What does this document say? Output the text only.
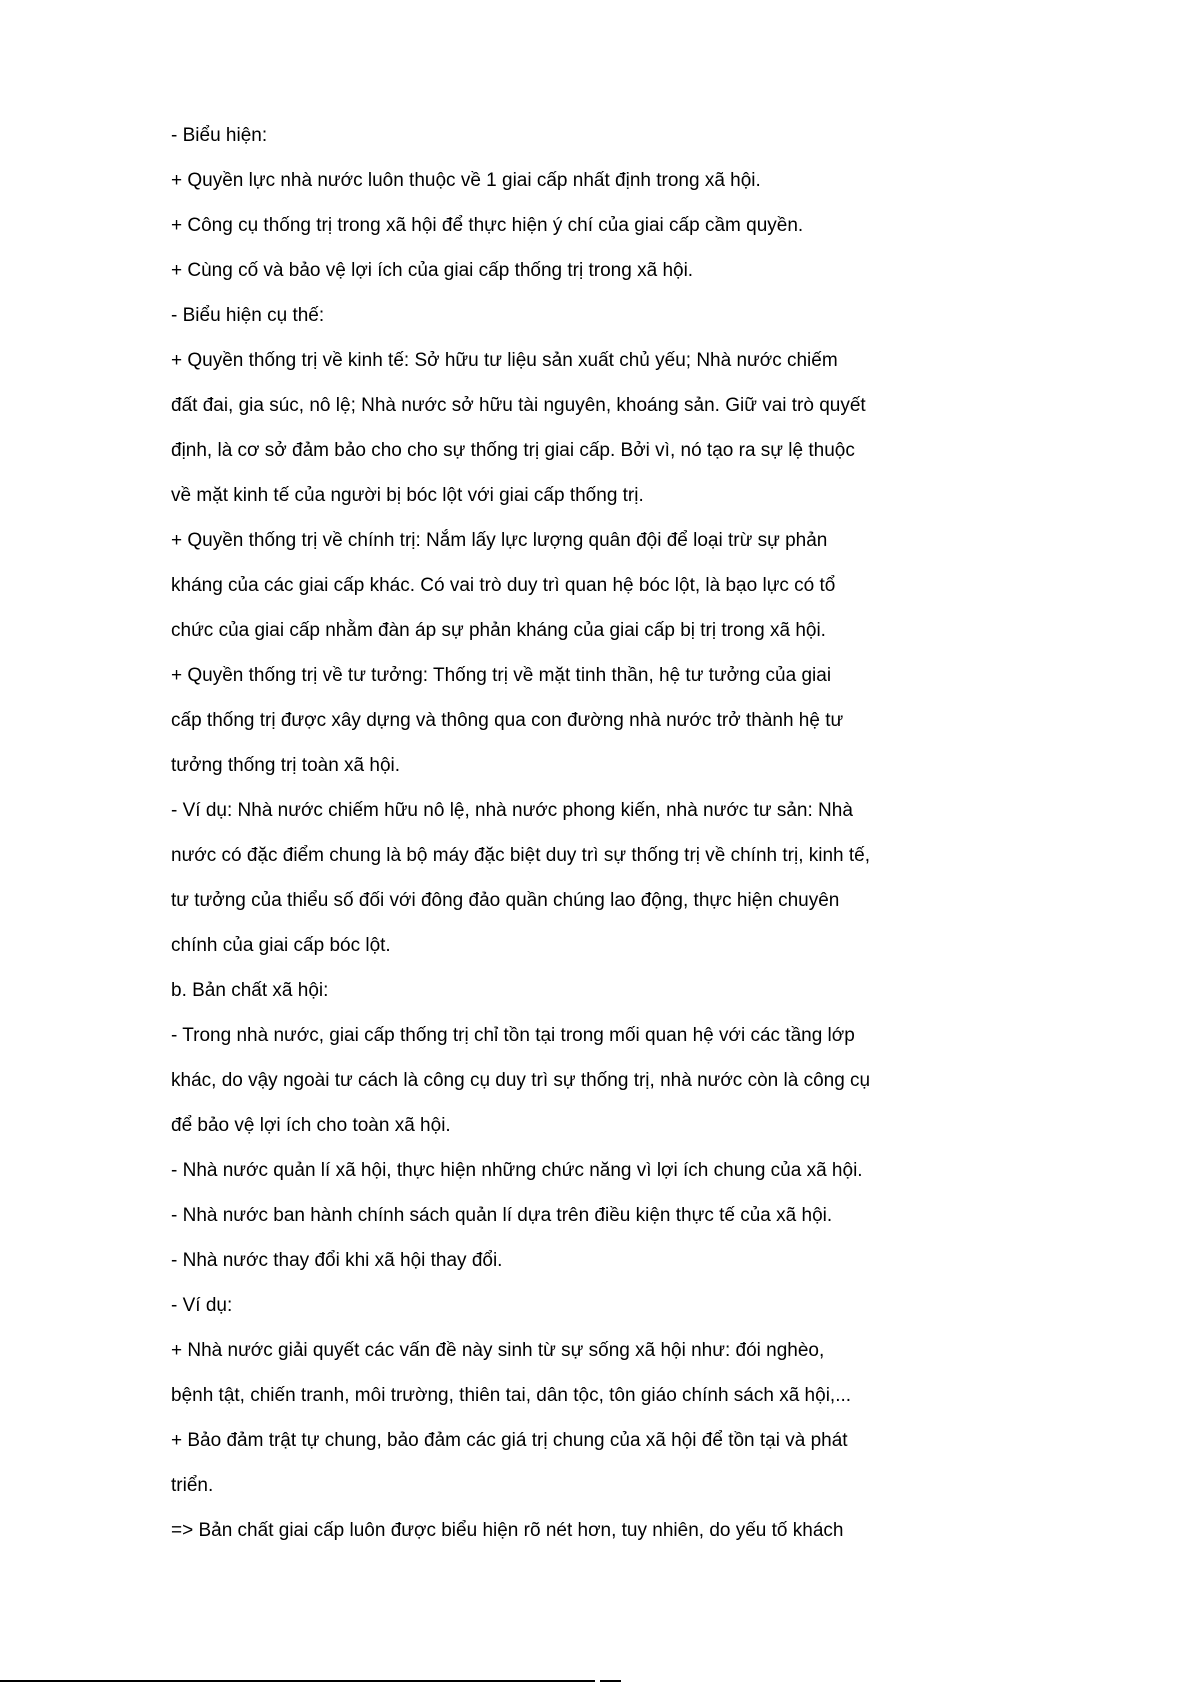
- Biểu hiện:
+ Quyền lực nhà nước luôn thuộc về 1 giai cấp nhất định trong xã hội.
+ Công cụ thống trị trong xã hội để thực hiện ý chí của giai cấp cầm quyền.
+ Cùng cố và bảo vệ lợi ích của giai cấp thống trị trong xã hội.
- Biểu hiện cụ thế:
+ Quyền thống trị về kinh tế: Sở hữu tư liệu sản xuất chủ yếu; Nhà nước chiếm
đất đai, gia súc, nô lệ; Nhà nước sở hữu tài nguyên, khoáng sản. Giữ vai trò quyết
định, là cơ sở đảm bảo cho cho sự thống trị giai cấp. Bởi vì, nó tạo ra sự lệ thuộc
về mặt kinh tế của người bị bóc lột với giai cấp thống trị.
+ Quyền thống trị về chính trị: Nắm lấy lực lượng quân đội để loại trừ sự phản
kháng của các giai cấp khác. Có vai trò duy trì quan hệ bóc lột, là bạo lực có tổ
chức của giai cấp nhằm đàn áp sự phản kháng của giai cấp bị trị trong xã hội.
+ Quyền thống trị về tư tưởng: Thống trị về mặt tinh thần, hệ tư tưởng của giai
cấp thống trị được xây dựng và thông qua con đường nhà nước trở thành hệ tư
tưởng thống trị toàn xã hội.
- Ví dụ: Nhà nước chiếm hữu nô lệ, nhà nước phong kiến, nhà nước tư sản: Nhà
nước có đặc điểm chung là bộ máy đặc biệt duy trì sự thống trị về chính trị, kinh tế,
tư tưởng của thiểu số đối với đông đảo quần chúng lao động, thực hiện chuyên
chính của giai cấp bóc lột.
b. Bản chất xã hội:
- Trong nhà nước, giai cấp thống trị chỉ tồn tại trong mối quan hệ với các tầng lớp
khác, do vậy ngoài tư cách là công cụ duy trì sự thống trị, nhà nước còn là công cụ
để bảo vệ lợi ích cho toàn xã hội.
- Nhà nước quản lí xã hội, thực hiện những chức năng vì lợi ích chung của xã hội.
- Nhà nước ban hành chính sách quản lí dựa trên điều kiện thực tế của xã hội.
- Nhà nước thay đổi khi xã hội thay đổi.
- Ví dụ:
+ Nhà nước giải quyết các vấn đề này sinh từ sự sống xã hội như: đói nghèo,
bệnh tật, chiến tranh, môi trường, thiên tai, dân tộc, tôn giáo chính sách xã hội,...
+ Bảo đảm trật tự chung, bảo đảm các giá trị chung của xã hội để tồn tại và phát
triển.
=> Bản chất giai cấp luôn được biểu hiện rõ nét hơn, tuy nhiên, do yếu tố khách
